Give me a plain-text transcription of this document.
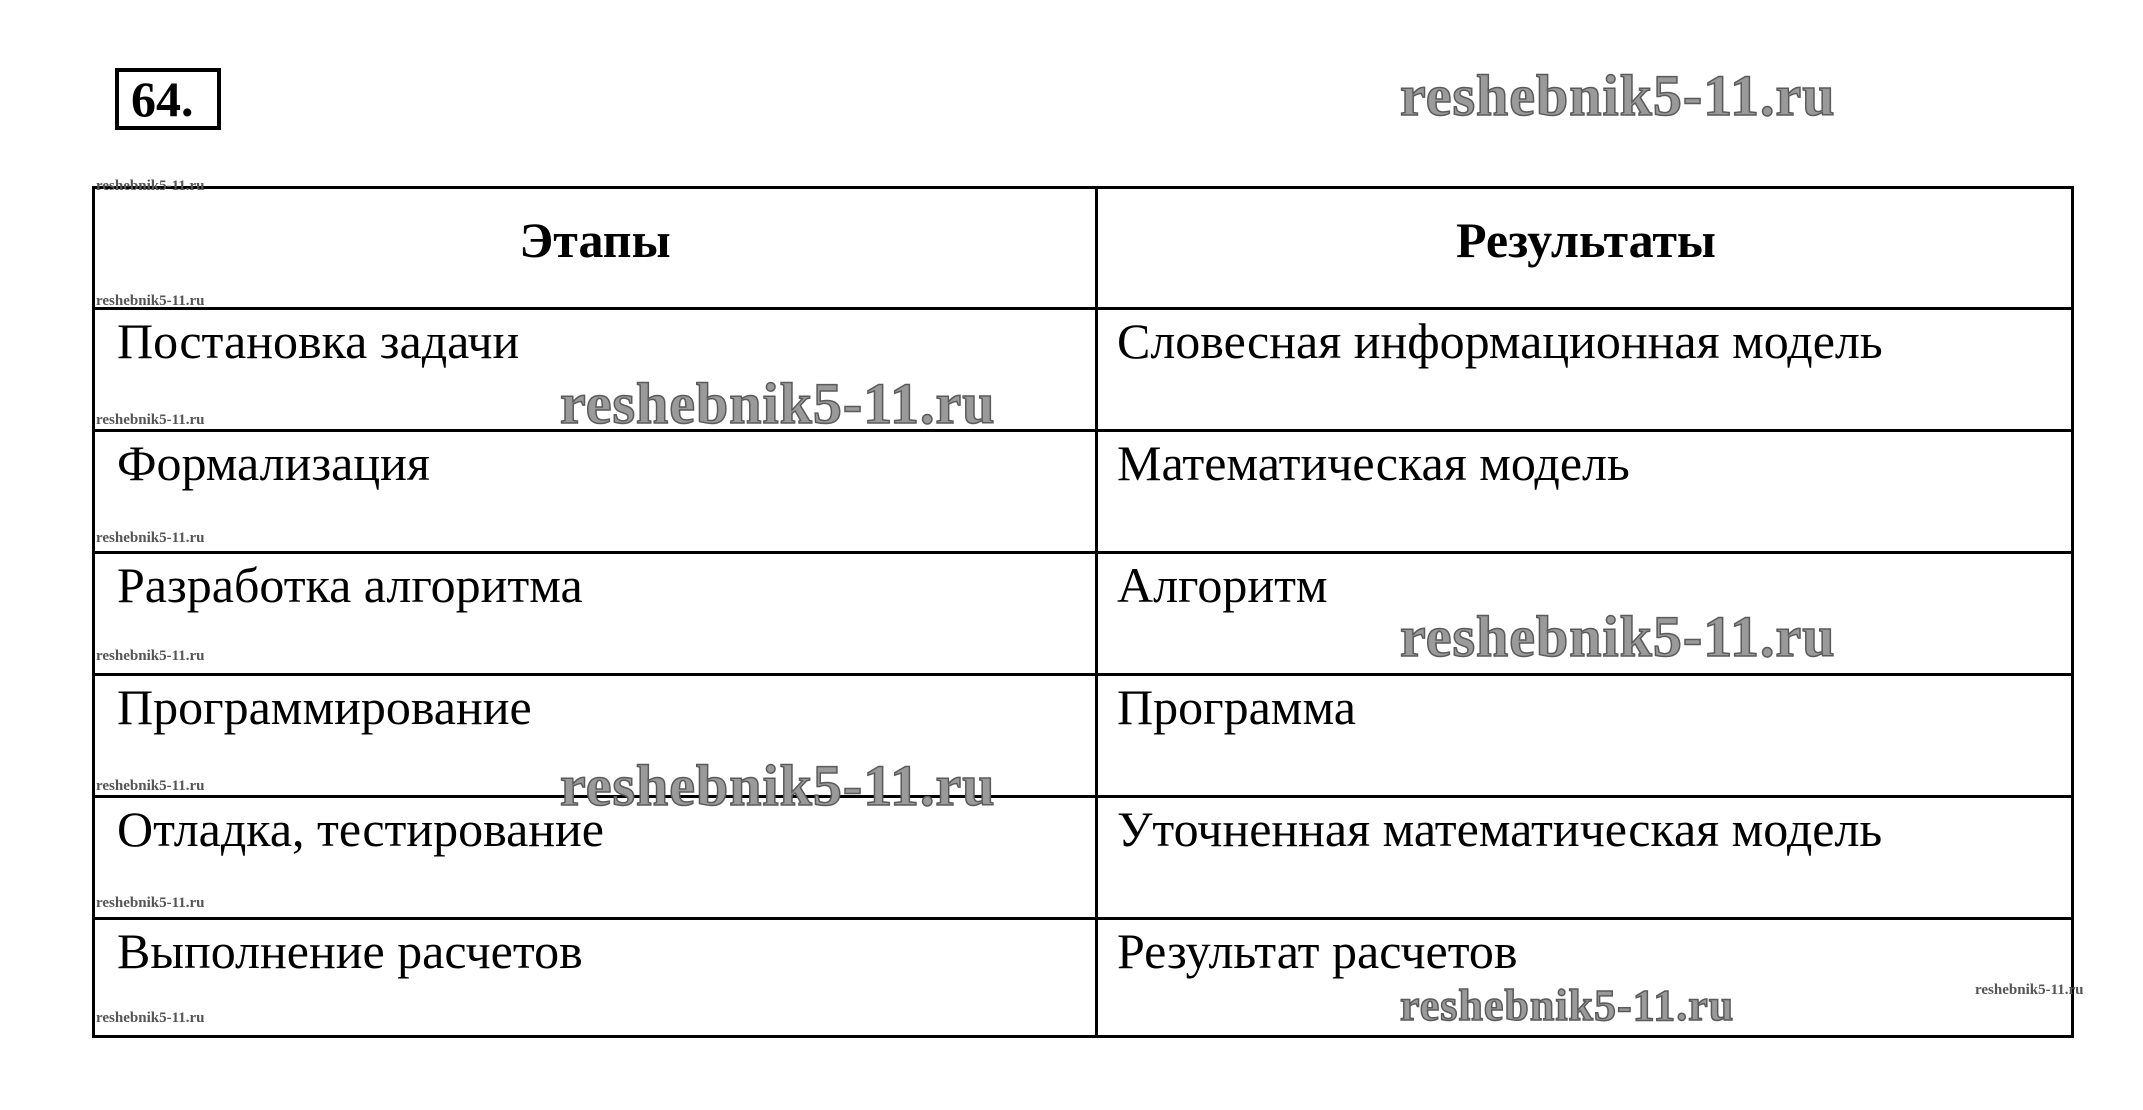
64.	reshebnik5-11.ru
Этапы	Результаты
Постановка задачи	Словесная информационная модель
Формализация	Математическая модель
Разработка алгоритма	Алгоритм
Программирование	Программа
Отладка, тестирование	Уточненная математическая модель
Выполнение расчетов	Результат расчетов
reshebnik5-11.ru
reshebnik5-11.ru
reshebnik5-11.ru
reshebnik5-11.ru
reshebnik5-11.ru
reshebnik5-11.ru
reshebnik5-11.ru
reshebnik5-11.ru
reshebnik5-11.ru
reshebnik5-11.ru
reshebnik5-11.ru
reshebnik5-11.ru
reshebnik5-11.ru
